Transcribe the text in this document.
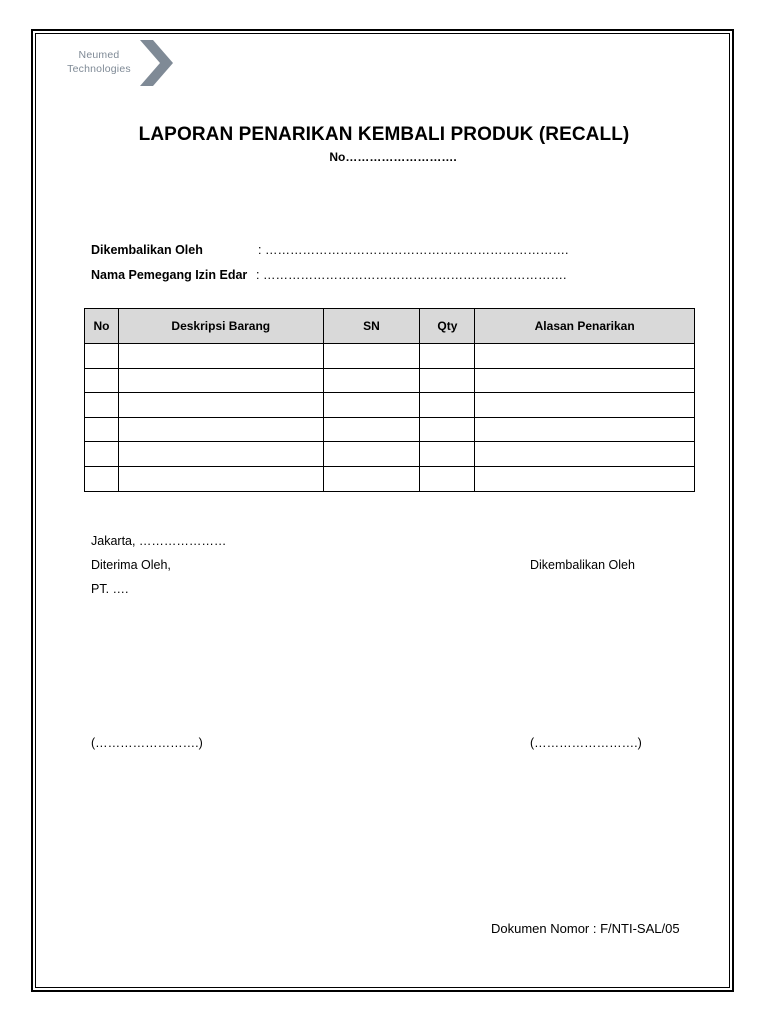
Neumed
Technologies
LAPORAN PENARIKAN KEMBALI PRODUK (RECALL)
No……………………….
Dikembalikan Oleh	: ……………………………………………………………….
Nama Pemegang Izin Edar : ……………………………………………………………….
No	Deskripsi Barang	SN	Qty	Alasan Penarikan

Jakarta, …………………
Diterima Oleh,	Dikembalikan Oleh
PT. ….
(…………………….)	(…………………….)
Dokumen Nomor : F/NTI-SAL/05
